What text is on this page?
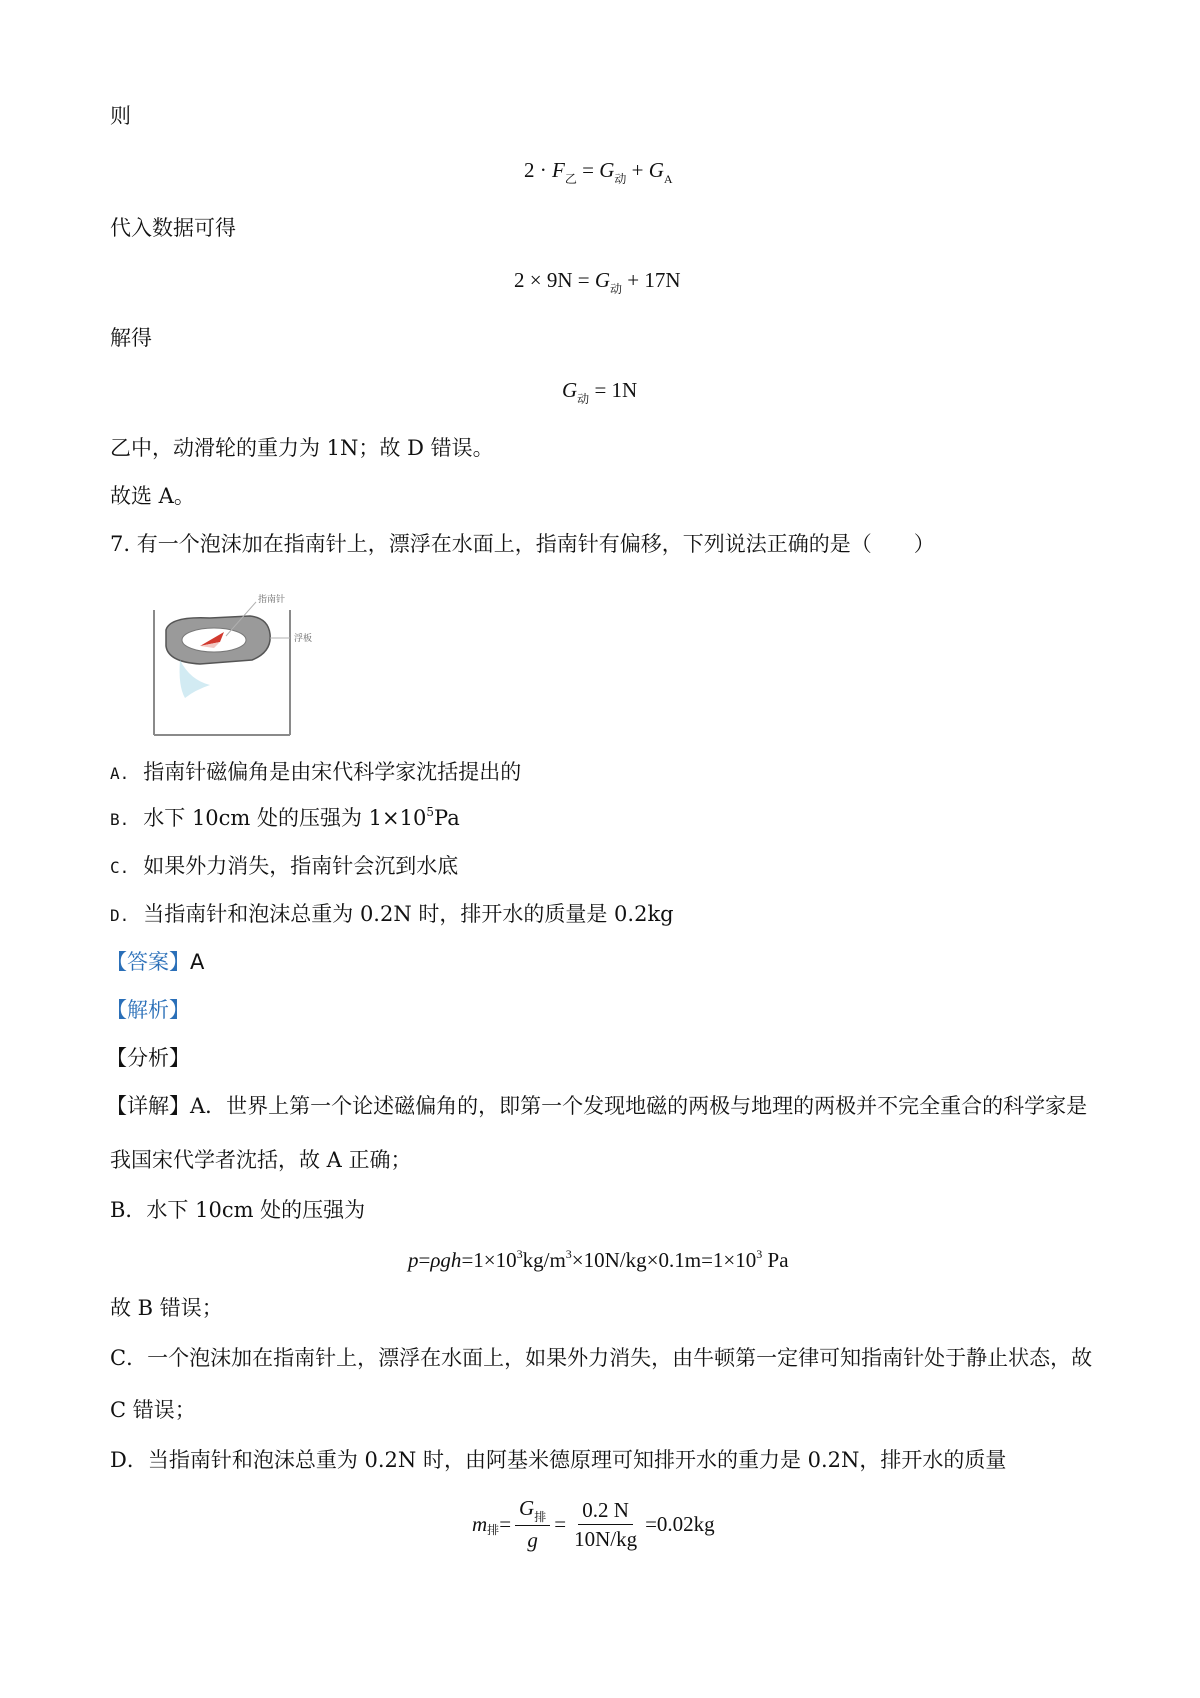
则
$2 \cdot F_乙 = G_动 + G_A$
代入数据可得
$2 \times 9N = G_动 + 17N$
解得
$G_动 = 1N$
乙中，动滑轮的重力为 1N；故 D 错误。
故选 A。
7. 有一个泡沫加在指南针上，漂浮在水面上，指南针有偏移，下列说法正确的是（　　）
指南针
浮板
A. 指南针磁偏角是由宋代科学家沈括提出的
B. 水下 10cm 处的压强为 $1\times 10^5Pa$
C. 如果外力消失，指南针会沉到水底
D. 当指南针和泡沫总重为 0.2N 时，排开水的质量是 0.2kg
【答案】A
【解析】
【分析】
【详解】A．世界上第一个论述磁偏角的，即第一个发现地磁的两极与地理的两极并不完全重合的科学家是
我国宋代学者沈括，故 A 正确；
B．水下 10cm 处的压强为
$p=\rho gh=1\times 10^3kg/m^3\times 10N/kg\times 0.1m=1\times 10^3$ Pa
故 B 错误；
C．一个泡沫加在指南针上，漂浮在水面上，如果外力消失，由牛顿第一定律可知指南针处于静止状态，故
C 错误；
D．当指南针和泡沫总重为 0.2N 时，由阿基米德原理可知排开水的重力是 0.2N，排开水的质量
m 排 = $\frac{G_排}{g} = \frac{0.2 N}{10N/kg} =0.02kg$
